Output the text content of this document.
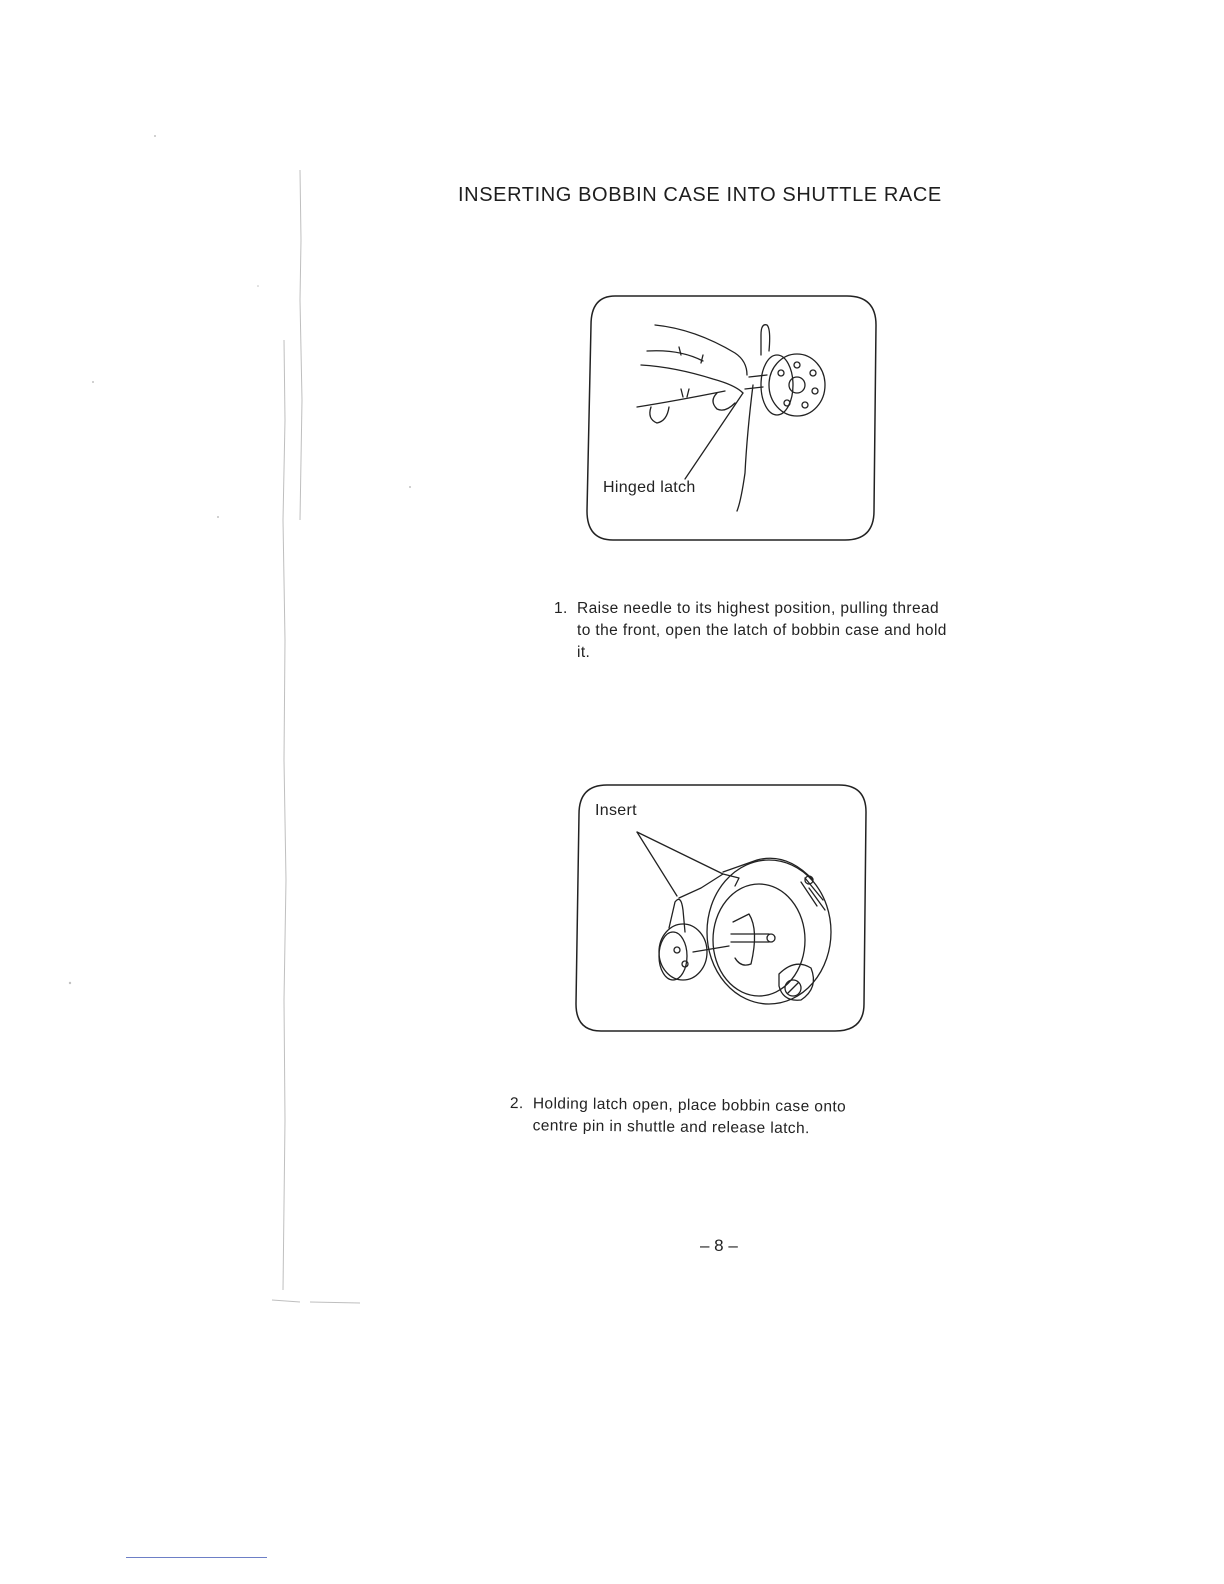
INSERTING BOBBIN CASE INTO SHUTTLE RACE
Hinged latch
1. Raise needle to its highest position, pulling thread to the front, open the latch of bobbin case and hold it.
Insert
2. Holding latch open, place bobbin case onto centre pin in shuttle and release latch.
– 8 –
